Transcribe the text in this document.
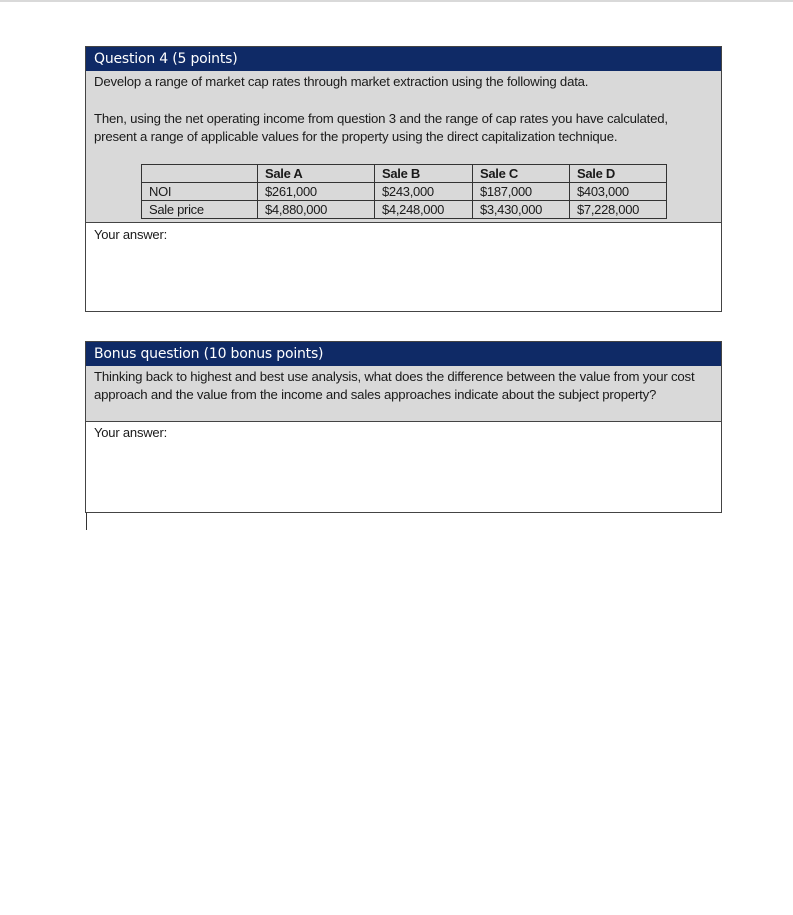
Question 4 (5 points)

Develop a range of market cap rates through market extraction using the following data.

Then, using the net operating income from question 3 and the range of cap rates you have calculated,

present a range of applicable values for the property using the direct capitalization technique.

	Sale A	Sale B	Sale C	Sale D
NOI	$261,000	$243,000	$187,000	$403,000
Sale price	$4,880,000	$4,248,000	$3,430,000	$7,228,000
Your answer:
Bonus question (10 bonus points)

Thinking back to highest and best use analysis, what does the difference between the value from your cost

approach and the value from the income and sales approaches indicate about the subject property?

Your answer:
